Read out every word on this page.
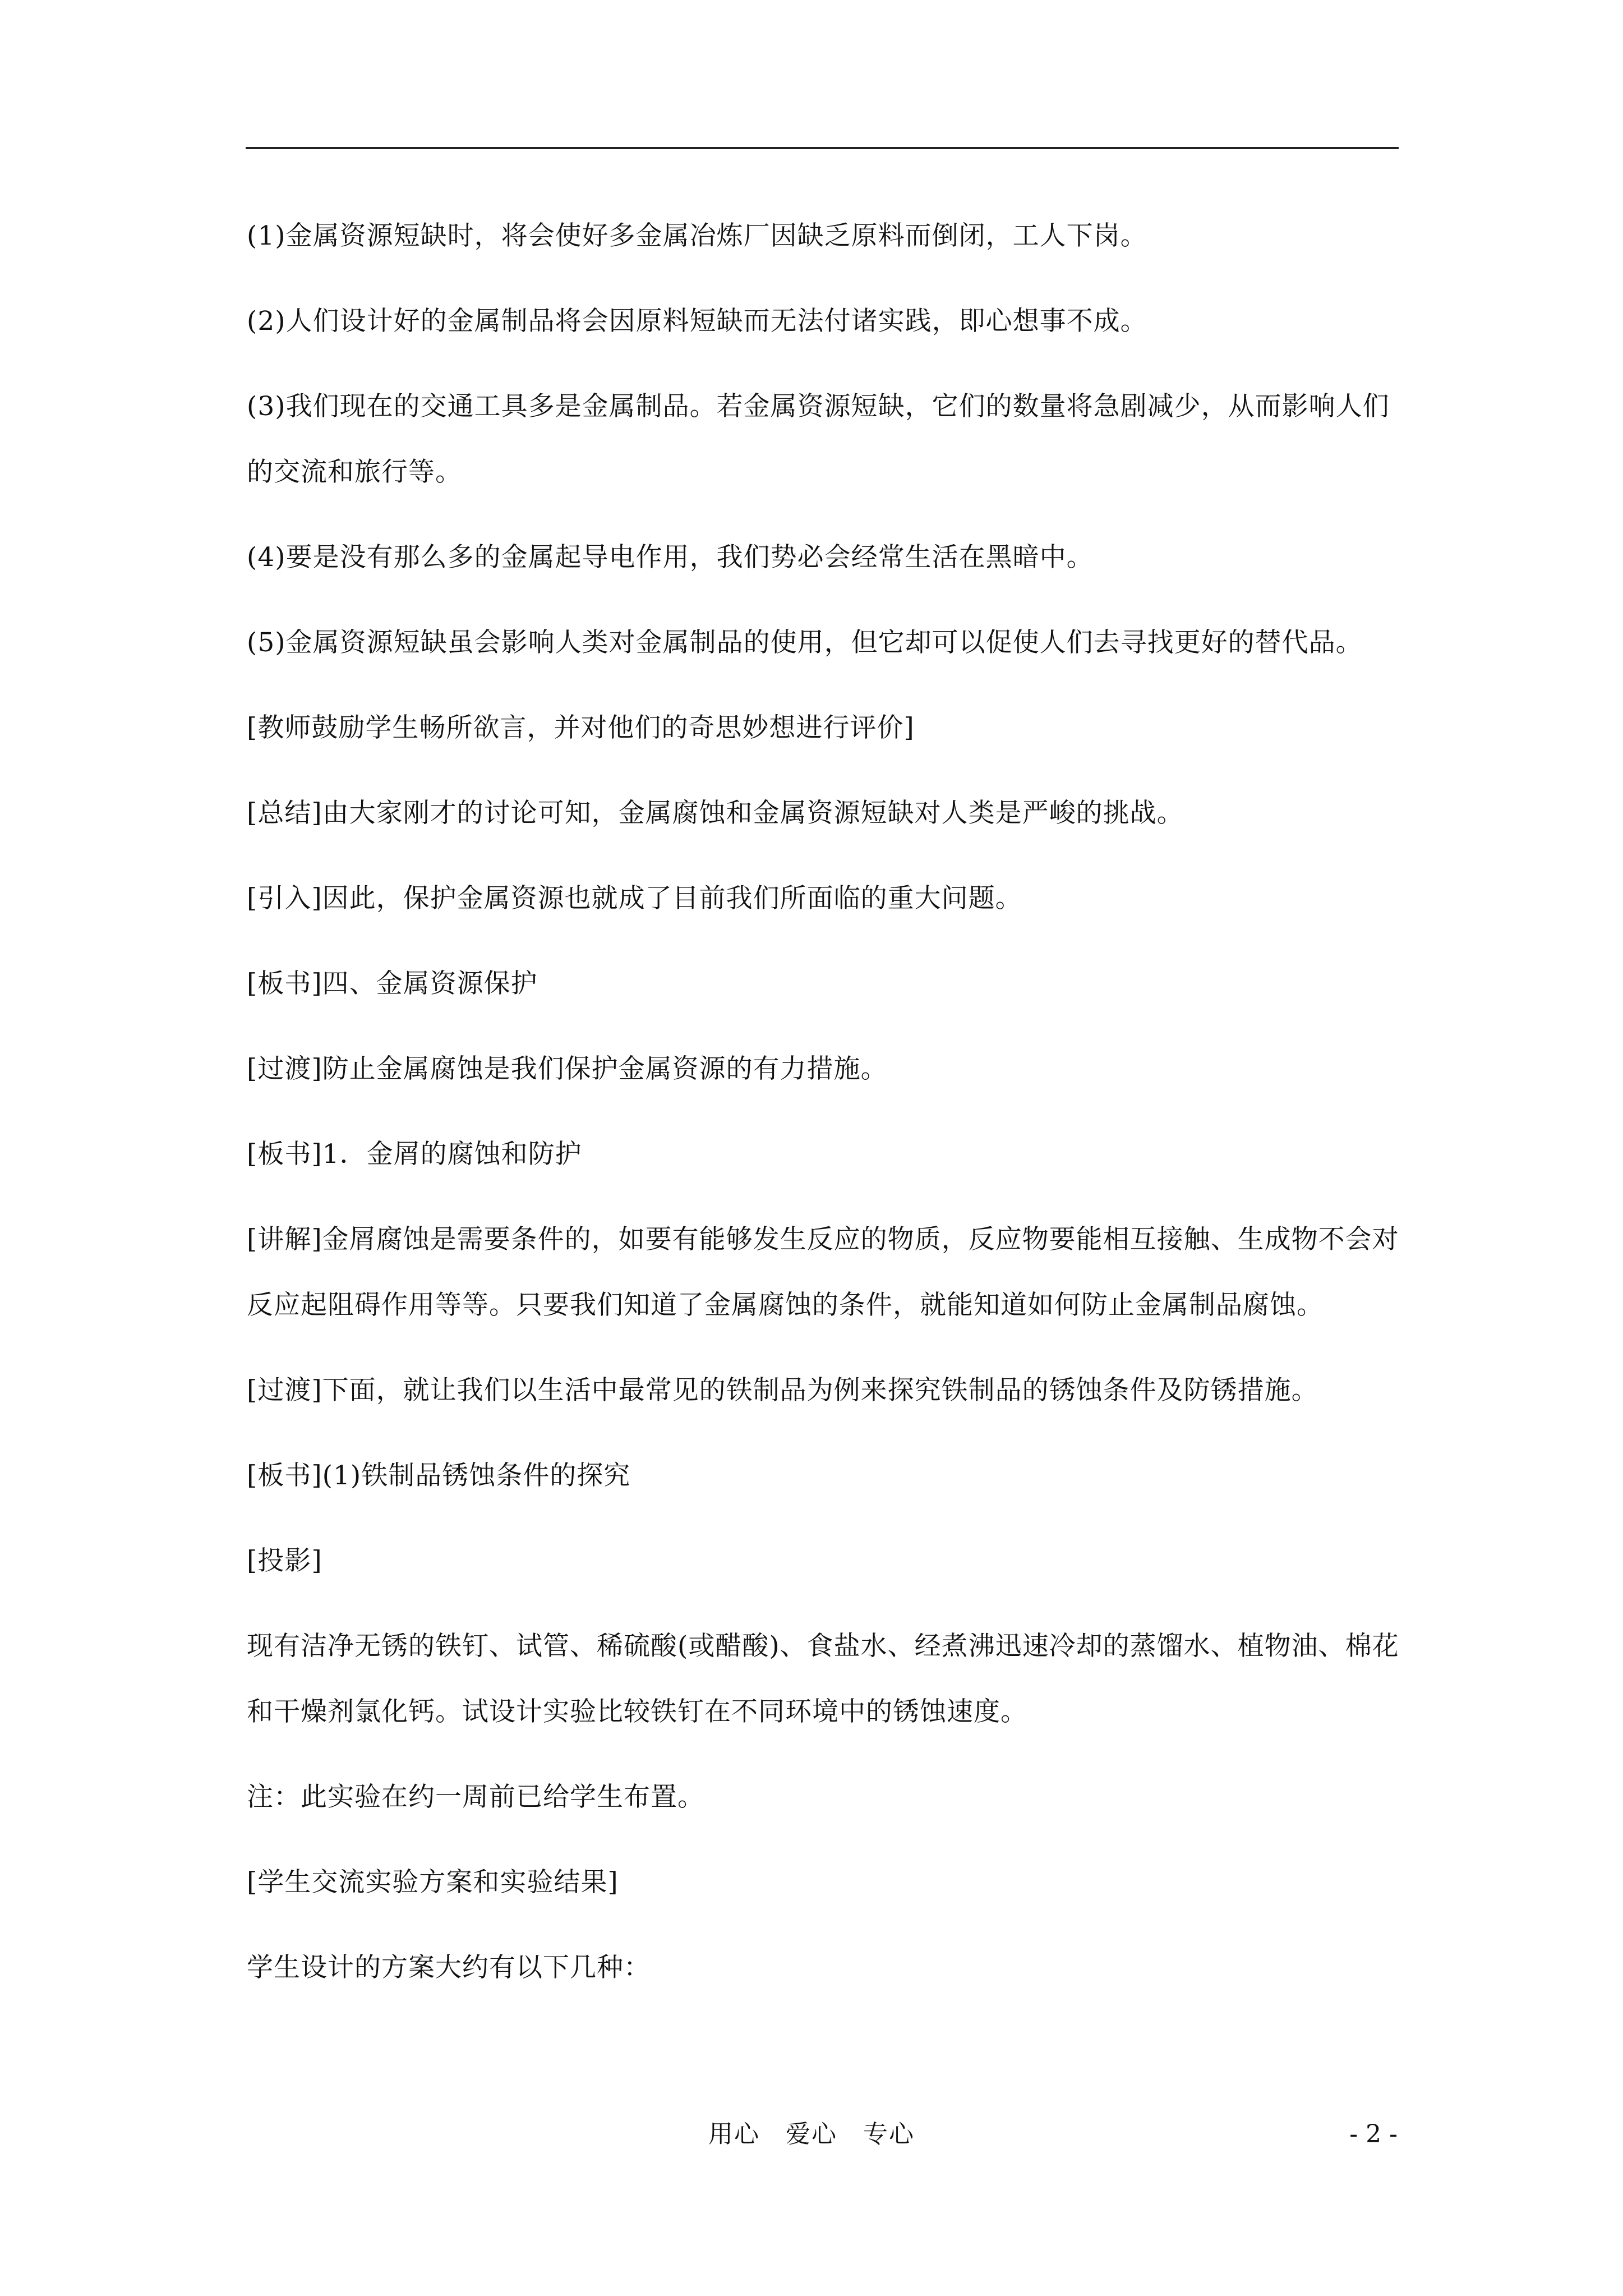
(1)金属资源短缺时，将会使好多金属冶炼厂因缺乏原料而倒闭，工人下岗。

(2)人们设计好的金属制品将会因原料短缺而无法付诸实践，即心想事不成。

(3)我们现在的交通工具多是金属制品。若金属资源短缺，它们的数量将急剧减少，从而影响人们的交流和旅行等。

(4)要是没有那么多的金属起导电作用，我们势必会经常生活在黑暗中。

(5)金属资源短缺虽会影响人类对金属制品的使用，但它却可以促使人们去寻找更好的替代品。

[教师鼓励学生畅所欲言，并对他们的奇思妙想进行评价]

[总结]由大家刚才的讨论可知，金属腐蚀和金属资源短缺对人类是严峻的挑战。

[引入]因此，保护金属资源也就成了目前我们所面临的重大问题。

[板书]四、金属资源保护

[过渡]防止金属腐蚀是我们保护金属资源的有力措施。

[板书]1．金屑的腐蚀和防护

[讲解]金屑腐蚀是需要条件的，如要有能够发生反应的物质，反应物要能相互接触、生成物不会对反应起阻碍作用等等。只要我们知道了金属腐蚀的条件，就能知道如何防止金属制品腐蚀。

[过渡]下面，就让我们以生活中最常见的铁制品为例来探究铁制品的锈蚀条件及防锈措施。

[板书](1)铁制品锈蚀条件的探究

[投影]

现有洁净无锈的铁钉、试管、稀硫酸(或醋酸)、食盐水、经煮沸迅速冷却的蒸馏水、植物油、棉花和干燥剂氯化钙。试设计实验比较铁钉在不同环境中的锈蚀速度。

注：此实验在约一周前已给学生布置。

[学生交流实验方案和实验结果]

学生设计的方案大约有以下几种：

用心　爱心　专心	- 2 -
